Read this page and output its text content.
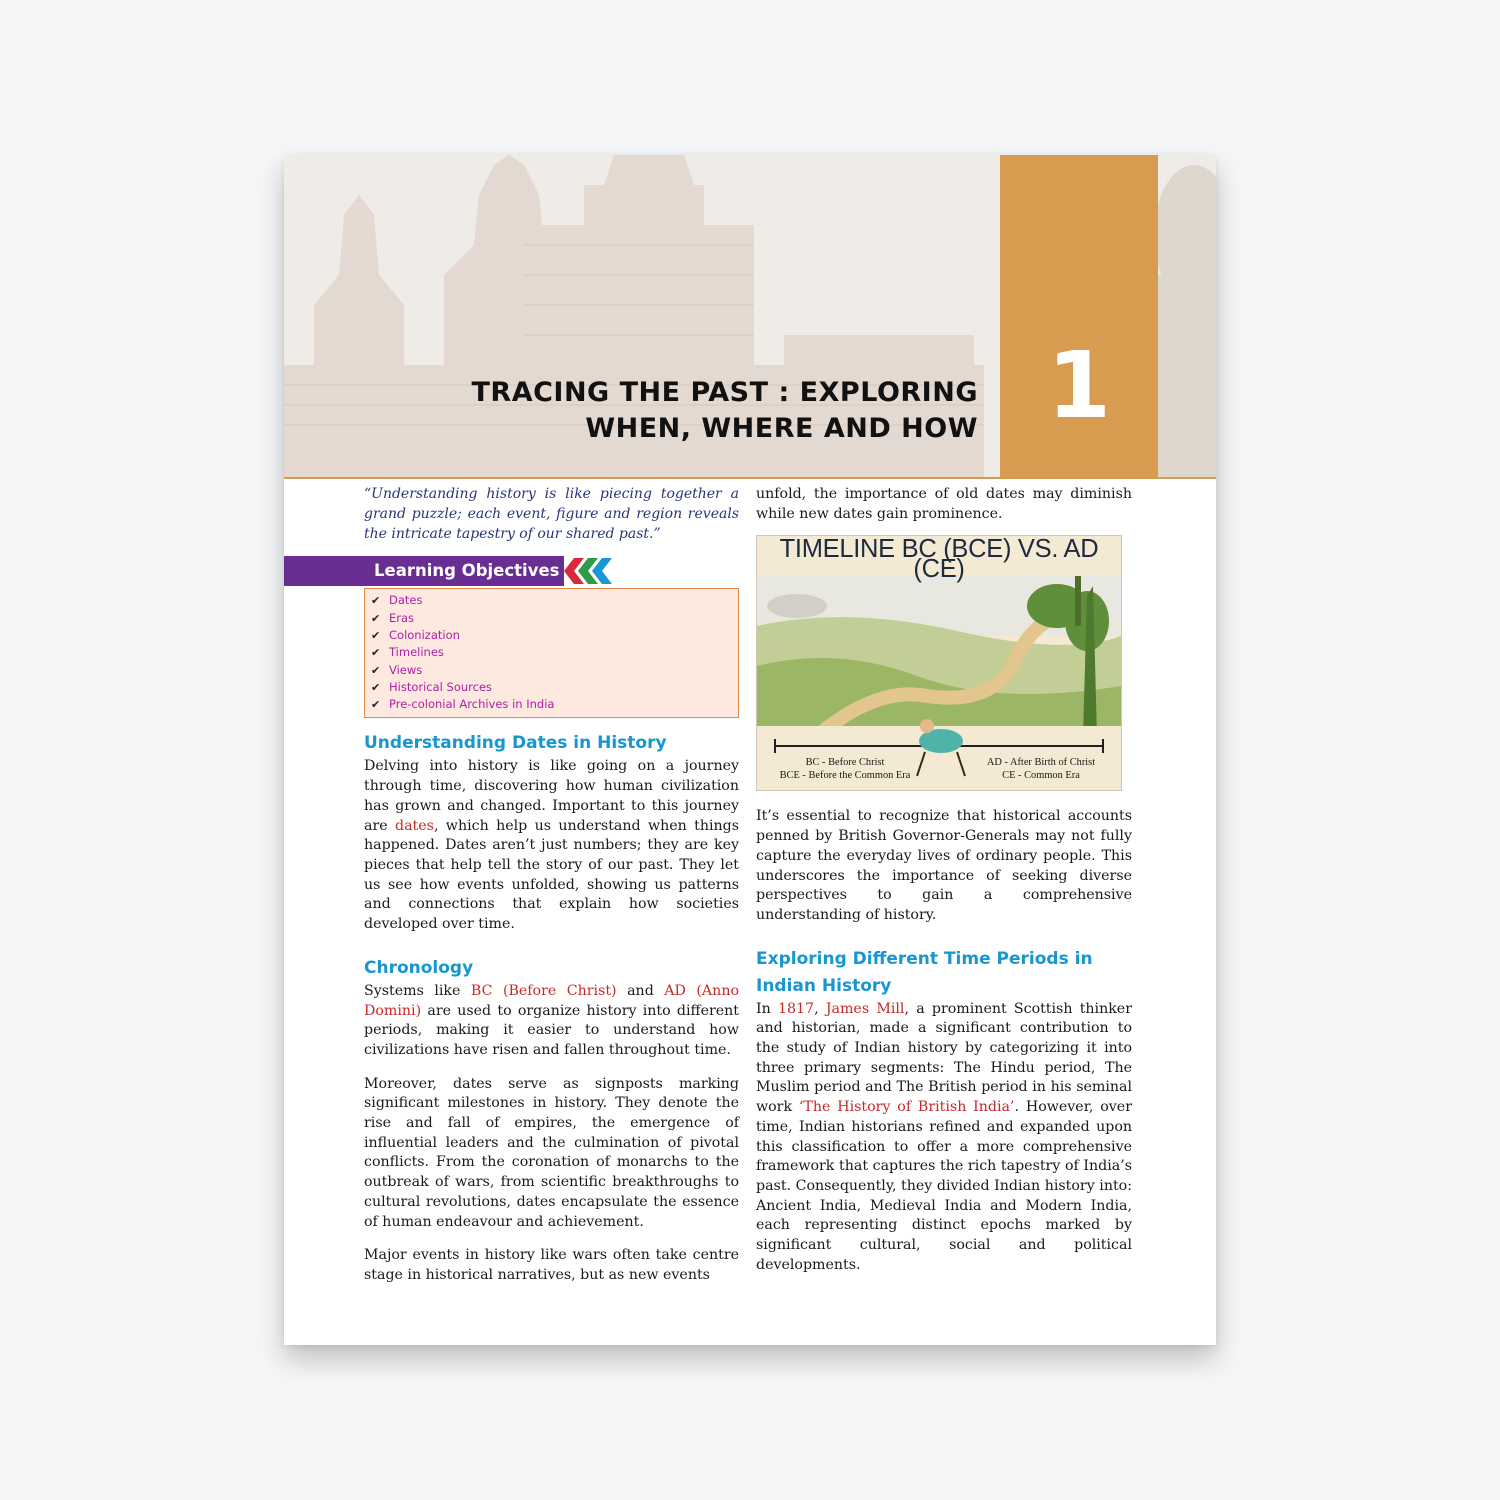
TRACING THE PAST : EXPLORING
WHEN, WHERE AND HOW 1

“Understanding history is like piecing together a grand puzzle; each event, figure and region reveals the intricate tapestry of our shared past.”

Learning Objectives
✔ Dates
✔ Eras
✔ Colonization
✔ Timelines
✔ Views
✔ Historical Sources
✔ Pre-colonial Archives in India
Understanding Dates in History

Delving into history is like going on a journey through time, discovering how human civilization has grown and changed. Important to this journey are dates, which help us understand when things happened. Dates aren’t just numbers; they are key pieces that help tell the story of our past. They let us see how events unfolded, showing us patterns and connections that explain how societies developed over time.

Chronology

Systems like BC (Before Christ) and AD (Anno Domini) are used to organize history into different periods, making it easier to understand how civilizations have risen and fallen throughout time.

Moreover, dates serve as signposts marking significant milestones in history. They denote the rise and fall of empires, the emergence of influential leaders and the culmination of pivotal conflicts. From the coronation of monarchs to the outbreak of wars, from scientific breakthroughs to cultural revolutions, dates encapsulate the essence of human endeavour and achievement.

Major events in history like wars often take centre stage in historical narratives, but as new events

unfold, the importance of old dates may diminish while new dates gain prominence.

TIMELINE BC (BCE) VS. AD (CE)
BC - Before Christ
BCE - Before the Common Era
AD - After Birth of Christ
CE - Common Era

It’s essential to recognize that historical accounts penned by British Governor-Generals may not fully capture the everyday lives of ordinary people. This underscores the importance of seeking diverse perspectives to gain a comprehensive understanding of history.

Exploring Different Time Periods in Indian History

In 1817, James Mill, a prominent Scottish thinker and historian, made a significant contribution to the study of Indian history by categorizing it into three primary segments: The Hindu period, The Muslim period and The British period in his seminal work ‘The History of British India’. However, over time, Indian historians refined and expanded upon this classification to offer a more comprehensive framework that captures the rich tapestry of India’s past. Consequently, they divided Indian history into: Ancient India, Medieval India and Modern India, each representing distinct epochs marked by significant cultural, social and political developments.
